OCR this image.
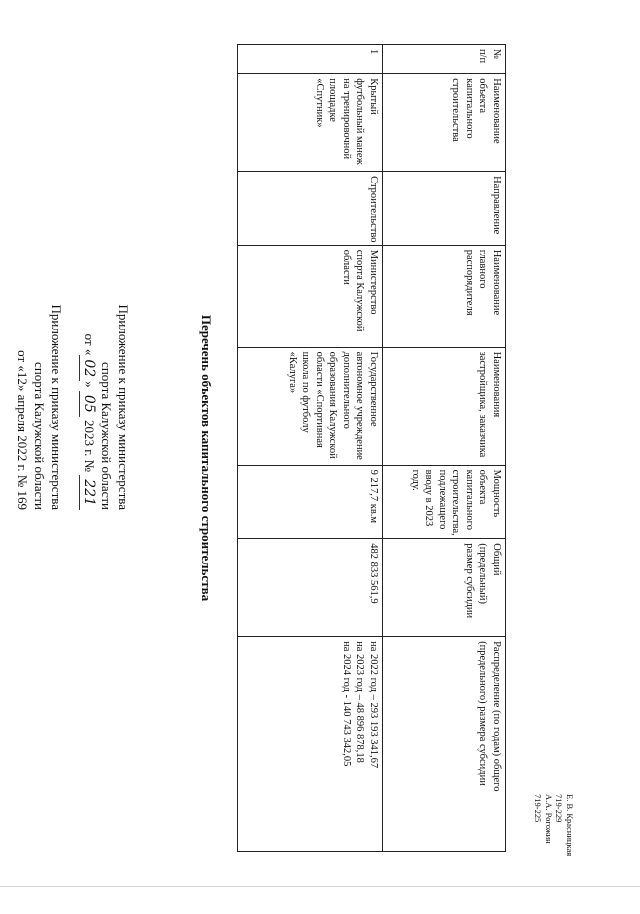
Приложение к приказу министерства
спорта Калужской области
от «02» 05 2023 г. № 221
Приложение к приказу министерства
спорта Калужской области
от «12» апреля 2022 г. № 169	Перечень объектов капитального строительства
№ п/п	Наименование объекта капитального строительства	Направление	Наименование главного распорядителя	Наименования застройщика, заказчика	Мощность объекта капитального строительства, подлежащего вводу в 2023 году.	Общий (предельный) размер субсидии	Распределение (по годам) общего (предельного) размера субсидии
1	Крытый футбольный манеж на тренировочной площадке «Спутник»	Строительство	Министерство спорта Калужской области	Государственное автономное учреждение дополнительного образования Калужской области «Спортивная школа по футболу «Калуга»	9 217,7 кв.м	482 833 561,9	на 2022 год – 293 193 341,67
на 2023 год – 48 896 878,18
на 2024 год - 140 743 342,05
Е. В. Красницкая
719-229
А.А. Рогожин
719-225
